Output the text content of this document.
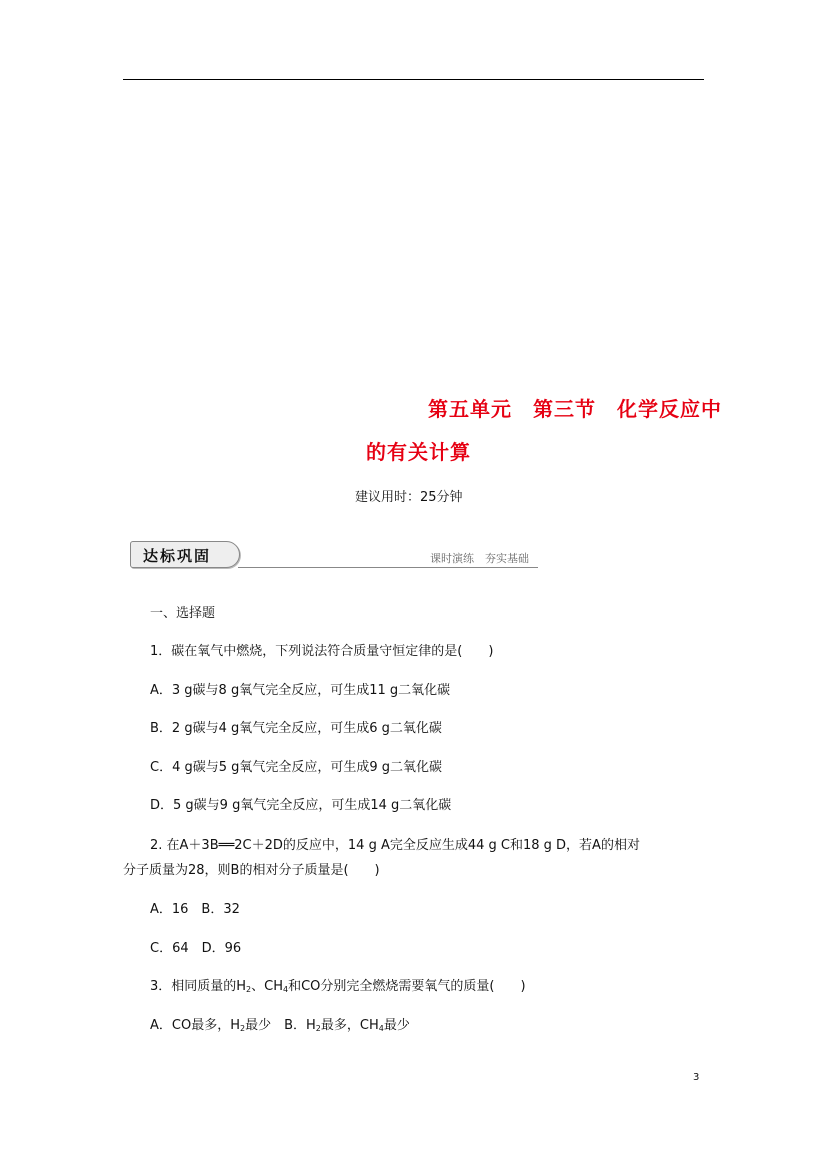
第五单元　第三节　化学反应中
的有关计算
建议用时：25分钟
达标巩固	课时演练　夯实基础
一、选择题
1．碳在氧气中燃烧，下列说法符合质量守恒定律的是(　　)
A．3 g碳与8 g氧气完全反应，可生成11 g二氧化碳
B．2 g碳与4 g氧气完全反应，可生成6 g二氧化碳
C．4 g碳与5 g氧气完全反应，可生成9 g二氧化碳
D．5 g碳与9 g氧气完全反应，可生成14 g二氧化碳
2. 在A＋3B══2C＋2D的反应中，14 g A完全反应生成44 g C和18 g D，若A的相对
分子质量为28，则B的相对分子质量是(　　)
A．16　B．32
C．64　D．96
3．相同质量的$H_2$、$CH_4$和CO分别完全燃烧需要氧气的质量(　　)
A．CO最多，$H_2$最少　B．$H_2$最多，$CH_4$最少
3
